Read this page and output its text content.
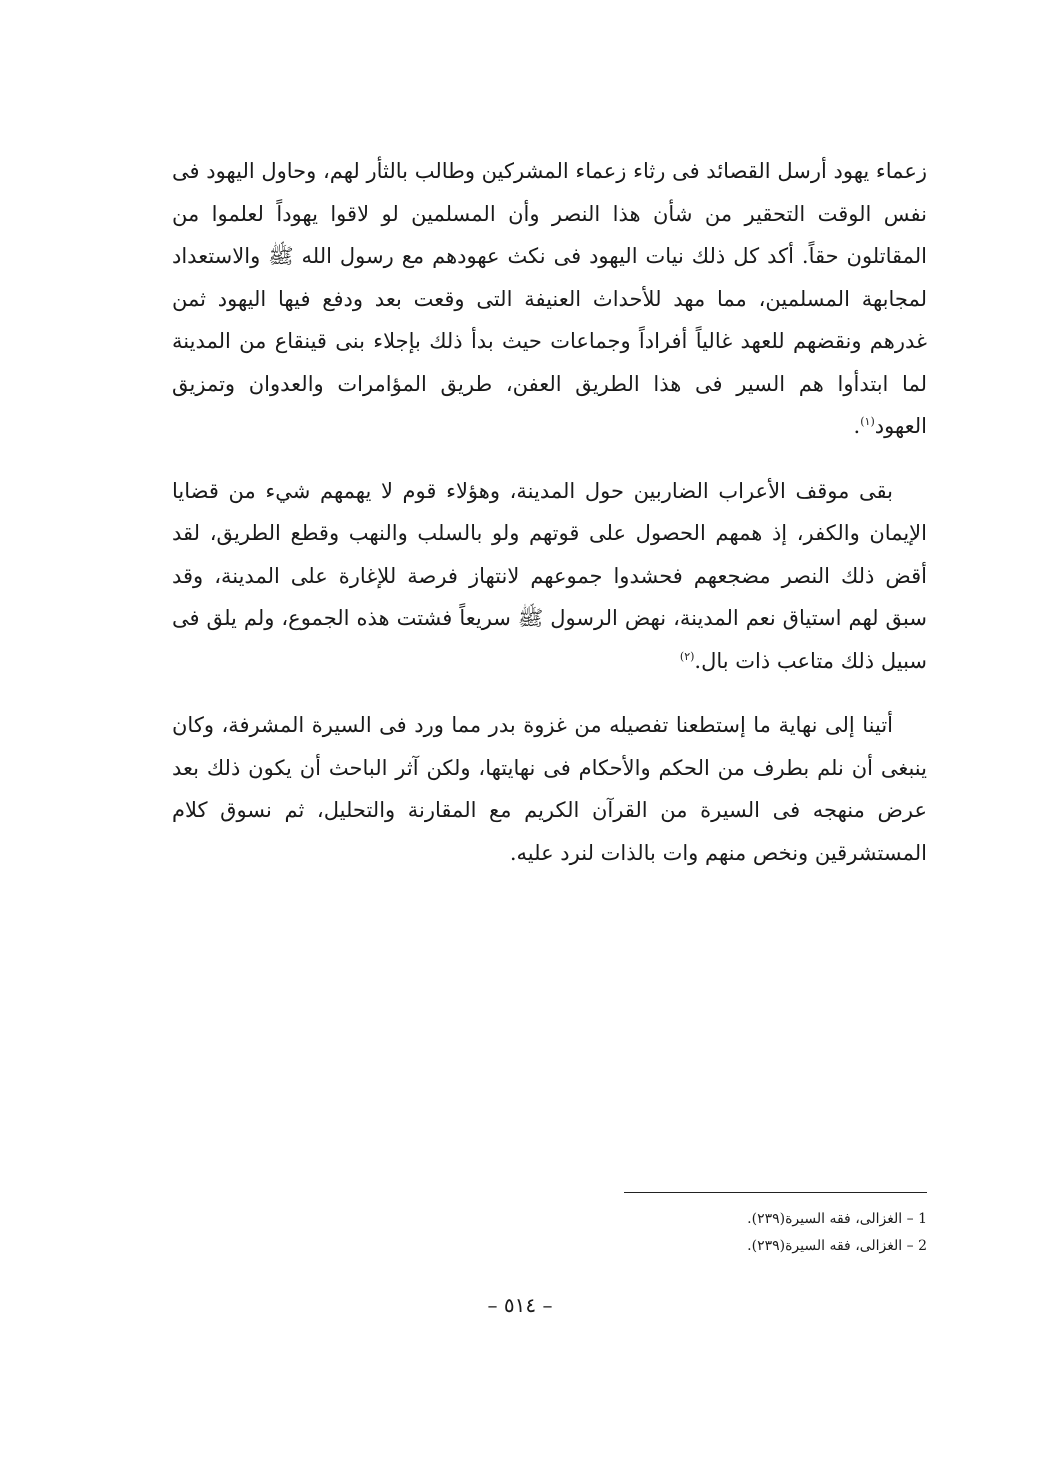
زعماء يهود أرسل القصائد فى رثاء زعماء المشركين وطالب بالثأر لهم، وحاول اليهود فى نفس الوقت التحقير من شأن هذا النصر وأن المسلمين لو لاقوا يهوداً لعلموا من المقاتلون حقاً. أكد كل ذلك نيات اليهود فى نكث عهودهم مع رسول الله ﷺ والاستعداد لمجابهة المسلمين، مما مهد للأحداث العنيفة التى وقعت بعد ودفع فيها اليهود ثمن غدرهم ونقضهم للعهد غالياً أفراداً وجماعات حيث بدأ ذلك بإجلاء بنى قينقاع من المدينة لما ابتدأوا هم السير فى هذا الطريق العفن، طريق المؤامرات والعدوان وتمزيق العهود$^{(١)}$.

بقى موقف الأعراب الضاربين حول المدينة، وهؤلاء قوم لا يهمهم شيء من قضايا الإيمان والكفر، إذ همهم الحصول على قوتهم ولو بالسلب والنهب وقطع الطريق، لقد أقض ذلك النصر مضجعهم فحشدوا جموعهم لانتهاز فرصة للإغارة على المدينة، وقد سبق لهم استياق نعم المدينة، نهض الرسول ﷺ سريعاً فشتت هذه الجموع، ولم يلق فى سبيل ذلك متاعب ذات بال.$^{(٢)}$

أتينا إلى نهاية ما إستطعنا تفصيله من غزوة بدر مما ورد فى السيرة المشرفة، وكان ينبغى أن نلم بطرف من الحكم والأحكام فى نهايتها، ولكن آثر الباحث أن يكون ذلك بعد عرض منهجه فى السيرة من القرآن الكريم مع المقارنة والتحليل، ثم نسوق كلام المستشرقين ونخص منهم وات بالذات لنرد عليه.

1 – الغزالى، فقه السيرة(٢٣٩).

2 – الغزالى، فقه السيرة(٢٣٩).

– ٥١٤ –
